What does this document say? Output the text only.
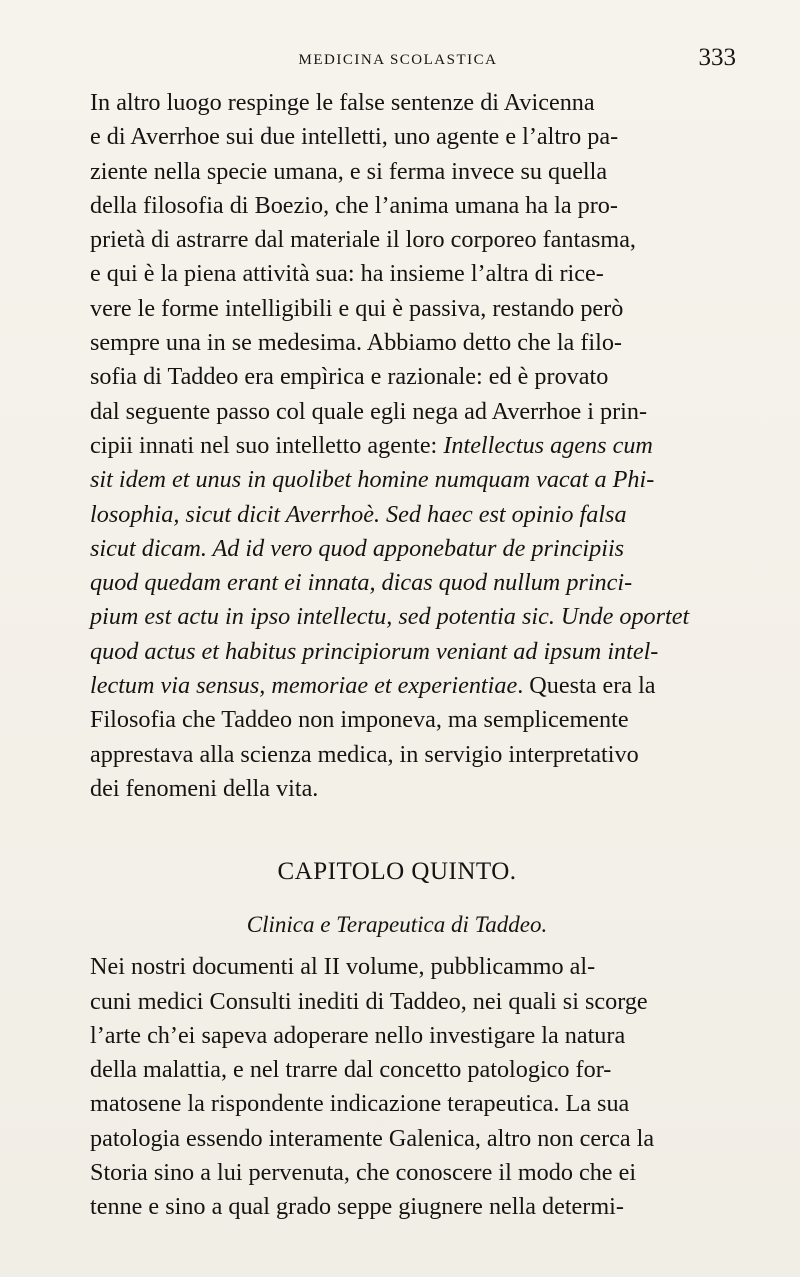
MEDICINA SCOLASTICA	333
In altro luogo respinge le false sentenze di Avicenna
e di Averrhoe sui due intelletti, uno agente e l’altro pa-
ziente nella specie umana, e si ferma invece su quella
della filosofia di Boezio, che l’anima umana ha la pro-
prietà di astrarre dal materiale il loro corporeo fantasma,
e qui è la piena attività sua: ha insieme l’altra di rice-
vere le forme intelligibili e qui è passiva, restando però
sempre una in se medesima. Abbiamo detto che la filo-
sofia di Taddeo era empìrica e razionale: ed è provato
dal seguente passo col quale egli nega ad Averrhoe i prin-
cipii innati nel suo intelletto agente: Intellectus agens cum
sit idem et unus in quolibet homine numquam vacat a Phi-
losophia, sicut dicit Averrhoè. Sed haec est opinio falsa
sicut dicam. Ad id vero quod apponebatur de principiis
quod quedam erant ei innata, dicas quod nullum princi-
pium est actu in ipso intellectu, sed potentia sic. Unde oportet
quod actus et habitus principiorum veniant ad ipsum intel-
lectum via sensus, memoriae et experientiae. Questa era la
Filosofia che Taddeo non imponeva, ma semplicemente
apprestava alla scienza medica, in servigio interpretativo
dei fenomeni della vita.
CAPITOLO QUINTO.
Clinica e Terapeutica di Taddeo.
Nei nostri documenti al II volume, pubblicammo al-
cuni medici Consulti inediti di Taddeo, nei quali si scorge
l’arte ch’ei sapeva adoperare nello investigare la natura
della malattia, e nel trarre dal concetto patologico for-
matosene la rispondente indicazione terapeutica. La sua
patologia essendo interamente Galenica, altro non cerca la
Storia sino a lui pervenuta, che conoscere il modo che ei
tenne e sino a qual grado seppe giugnere nella determi-
